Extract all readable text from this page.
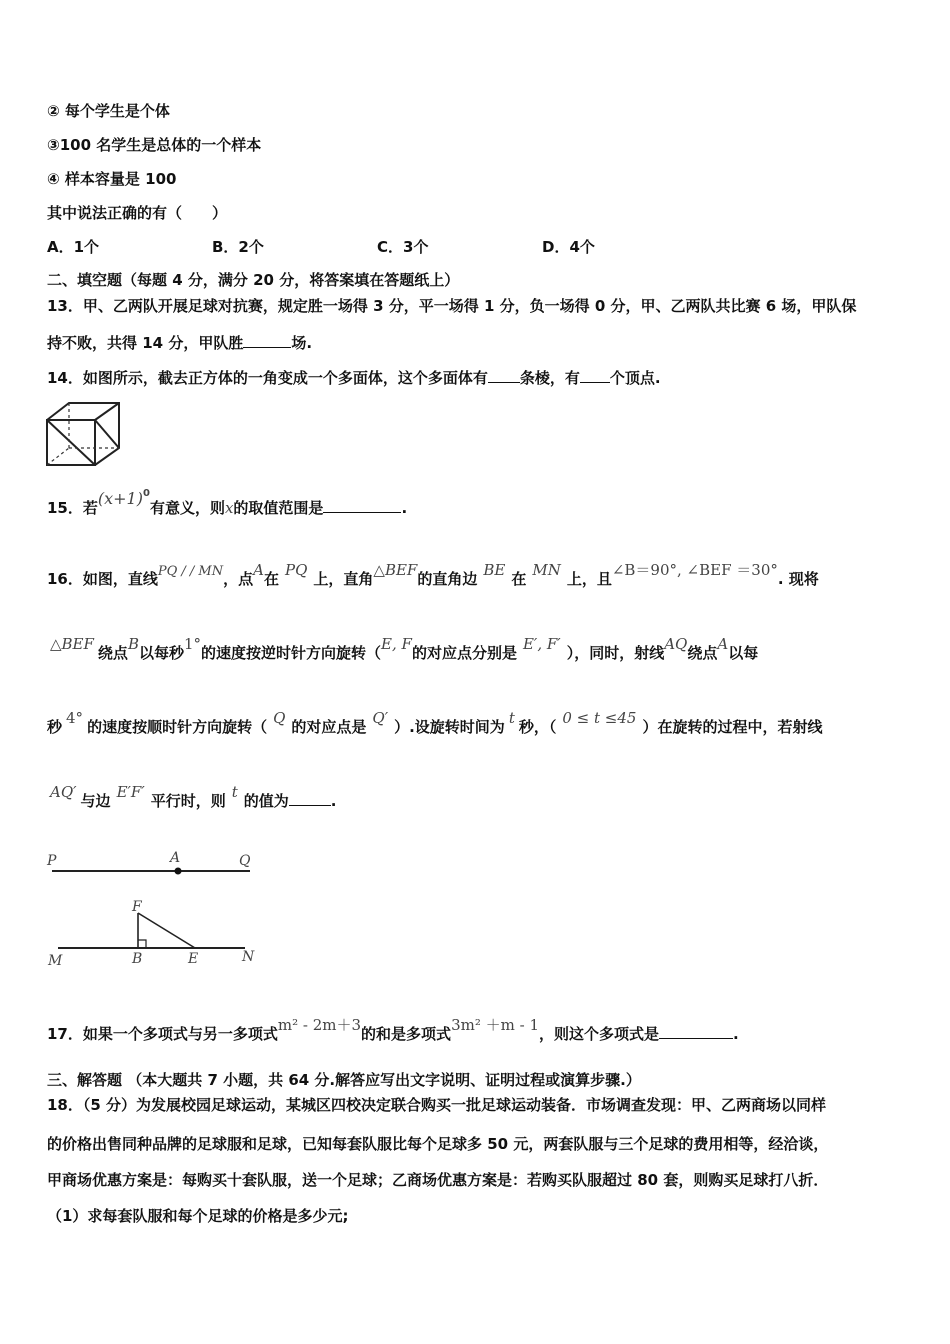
② 每个学生是个体
③100 名学生是总体的一个样本
④ 样本容量是 100
其中说法正确的有（　　）
A．1个	B．2个	C．3个	D．4个
二、填空题（每题 4 分，满分 20 分，将答案填在答题纸上）
13．甲、乙两队开展足球对抗赛，规定胜一场得 3 分，平一场得 1 分，负一场得 0 分，甲、乙两队共比赛 6 场，甲队保
持不败，共得 14 分，甲队胜	场.
14．如图所示，截去正方体的一角变成一个多面体，这个多面体有 条棱，有 个顶点.
15．若$(x+1)^0$有意义，则x的取值范围是	.
16．如图，直线PQ / / MN，点A在 PQ 上，直角△BEF的直角边 BE 在 MN 上，且∠B＝90°, ∠BEF ＝30°. 现将
△BEF 绕点B以每秒1°的速度按逆时针方向旋转（E, F的对应点分别是 E′, F′ ），同时，射线AQ绕点A以每
秒 4° 的速度按顺时针方向旋转（ Q 的对应点是 Q′ ）.设旋转时间为 t 秒，（ 0 ≤ t ≤45 ）在旋转的过程中，若射线
AQ′ 与边 E′F′ 平行时，则 t 的值为	.
P	A	Q
F
M	B	E	N
17．如果一个多项式与另一多项式m² - 2m＋3的和是多项式3m² ＋m - 1，则这个多项式是	.
三、解答题 （本大题共 7 小题，共 64 分.解答应写出文字说明、证明过程或演算步骤.）
18．（5 分）为发展校园足球运动，某城区四校决定联合购买一批足球运动装备．市场调查发现：甲、乙两商场以同样
的价格出售同种品牌的足球服和足球，已知每套队服比每个足球多 50 元，两套队服与三个足球的费用相等，经洽谈，
甲商场优惠方案是：每购买十套队服，送一个足球；乙商场优惠方案是：若购买队服超过 80 套，则购买足球打八折．
（1）求每套队服和每个足球的价格是多少元;
